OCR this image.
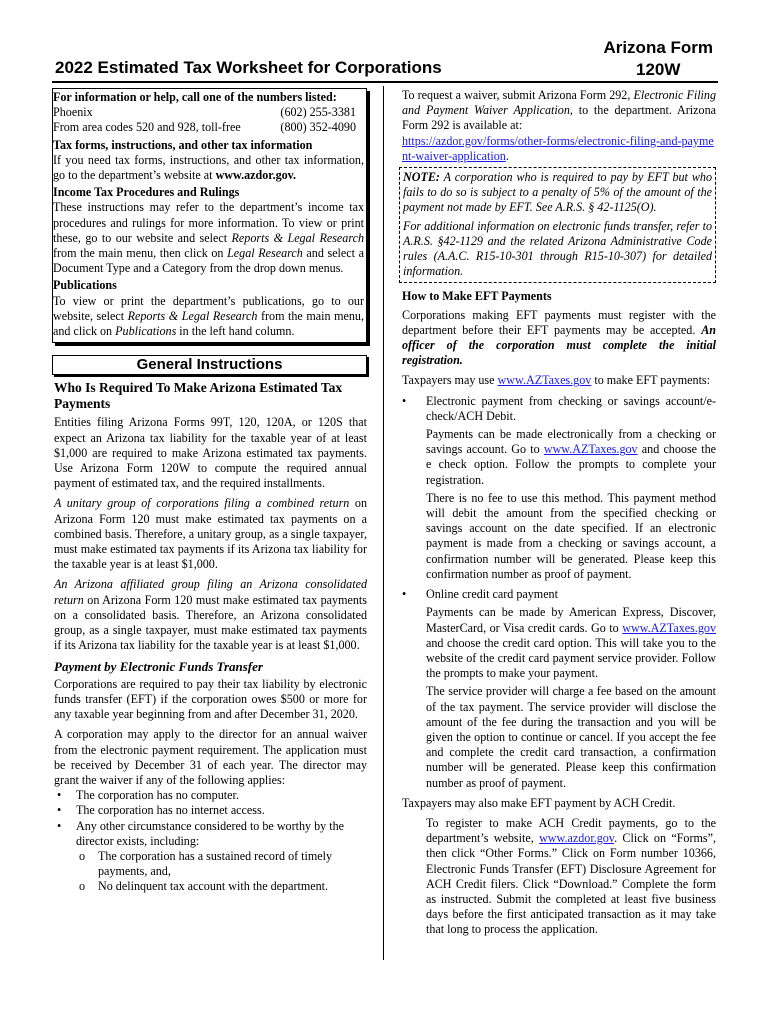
2022 Estimated Tax Worksheet for Corporations
Arizona Form
120W
For information or help, call one of the numbers listed:
Phoenix	(602) 255-3381
From area codes 520 and 928, toll-free	(800) 352-4090
Tax forms, instructions, and other tax information

If you need tax forms, instructions, and other tax information, go to the department’s website at www.azdor.gov.

Income Tax Procedures and Rulings

These instructions may refer to the department’s income tax procedures and rulings for more information. To view or print these, go to our website and select Reports & Legal Research from the main menu, then click on Legal Research and select a Document Type and a Category from the drop down menus.

Publications

To view or print the department’s publications, go to our website, select Reports & Legal Research from the main menu, and click on Publications in the left hand column.

General Instructions
Who Is Required To Make Arizona Estimated Tax Payments

Entities filing Arizona Forms 99T, 120, 120A, or 120S that expect an Arizona tax liability for the taxable year of at least $1,000 are required to make Arizona estimated tax payments. Use Arizona Form 120W to compute the required annual payment of estimated tax, and the required installments.

A unitary group of corporations filing a combined return on Arizona Form 120 must make estimated tax payments on a combined basis. Therefore, a unitary group, as a single taxpayer, must make estimated tax payments if its Arizona tax liability for the taxable year is at least $1,000.

An Arizona affiliated group filing an Arizona consolidated return on Arizona Form 120 must make estimated tax payments on a consolidated basis. Therefore, an Arizona consolidated group, as a single taxpayer, must make estimated tax payments if its Arizona tax liability for the taxable year is at least $1,000.

Payment by Electronic Funds Transfer

Corporations are required to pay their tax liability by electronic funds transfer (EFT) if the corporation owes $500 or more for any taxable year beginning from and after December 31, 2020.

A corporation may apply to the director for an annual waiver from the electronic payment requirement. The application must be received by December 31 of each year. The director may grant the waiver if any of the following applies:

• The corporation has no computer.
• The corporation has no internet access.
• Any other circumstance considered to be worthy by the director exists, including:
o The corporation has a sustained record of timely payments, and,
o No delinquent tax account with the department.

To request a waiver, submit Arizona Form 292, Electronic Filing and Payment Waiver Application, to the department. Arizona Form 292 is available at:

https://azdor.gov/forms/other-forms/electronic-filing-and-payment-waiver-application.

NOTE: A corporation who is required to pay by EFT but who fails to do so is subject to a penalty of 5% of the amount of the payment not made by EFT. See A.R.S. § 42-1125(O).

For additional information on electronic funds transfer, refer to A.R.S. §42-1129 and the related Arizona Administrative Code rules (A.A.C. R15-10-301 through R15-10-307) for detailed information.

How to Make EFT Payments

Corporations making EFT payments must register with the department before their EFT payments may be accepted. An officer of the corporation must complete the initial registration.

Taxpayers may use www.AZTaxes.gov to make EFT payments:

• Electronic payment from checking or savings account/e-check/ACH Debit.

Payments can be made electronically from a checking or savings account. Go to www.AZTaxes.gov and choose the e check option. Follow the prompts to complete your registration.

There is no fee to use this method. This payment method will debit the amount from the specified checking or savings account on the date specified. If an electronic payment is made from a checking or savings account, a confirmation number will be generated. Please keep this confirmation number as proof of payment.

• Online credit card payment

Payments can be made by American Express, Discover, MasterCard, or Visa credit cards. Go to www.AZTaxes.gov and choose the credit card option. This will take you to the website of the credit card payment service provider. Follow the prompts to make your payment.

The service provider will charge a fee based on the amount of the tax payment. The service provider will disclose the amount of the fee during the transaction and you will be given the option to continue or cancel. If you accept the fee and complete the credit card transaction, a confirmation number will be generated. Please keep this confirmation number as proof of payment.

Taxpayers may also make EFT payment by ACH Credit.

To register to make ACH Credit payments, go to the department’s website, www.azdor.gov. Click on “Forms”, then click “Other Forms.” Click on Form number 10366, Electronic Funds Transfer (EFT) Disclosure Agreement for ACH Credit filers. Click “Download.” Complete the form as instructed. Submit the completed at least five business days before the first anticipated transaction as it may take that long to process the application.
